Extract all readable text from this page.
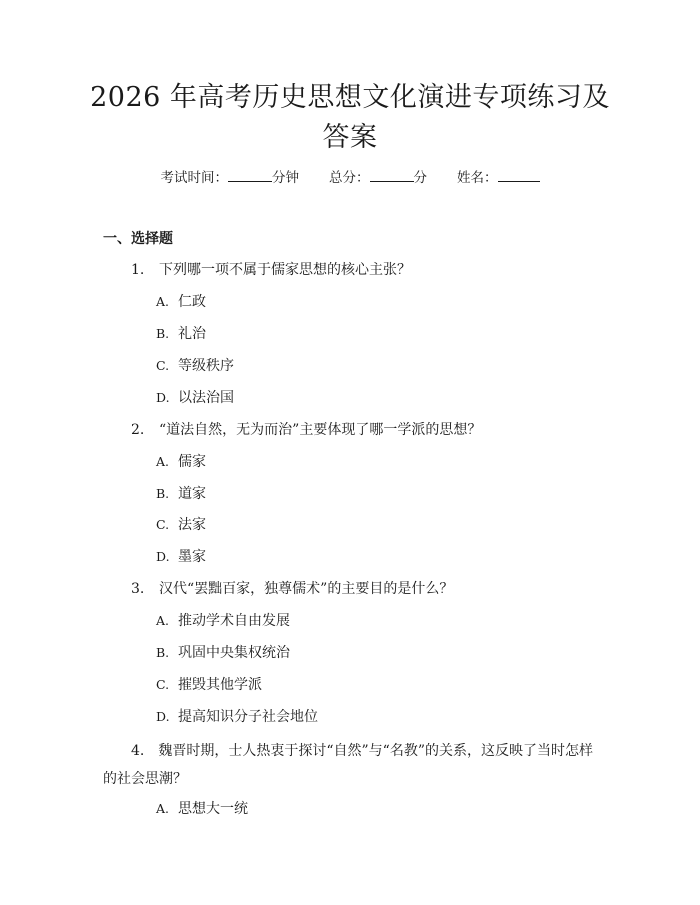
2026 年高考历史思想文化演进专项练习及答案
考试时间：	分钟 总分：	分 姓名：
一、选择题
1. 下列哪一项不属于儒家思想的核心主张？
A. 仁政
B. 礼治
C. 等级秩序
D. 以法治国
2. “道法自然，无为而治”主要体现了哪一学派的思想？
A. 儒家
B. 道家
C. 法家
D. 墨家
3. 汉代“罢黜百家，独尊儒术”的主要目的是什么？
A. 推动学术自由发展
B. 巩固中央集权统治
C. 摧毁其他学派
D. 提高知识分子社会地位
4. 魏晋时期，士人热衷于探讨“自然”与“名教”的关系，这反映了当时怎样的社会思潮？
A. 思想大一统
